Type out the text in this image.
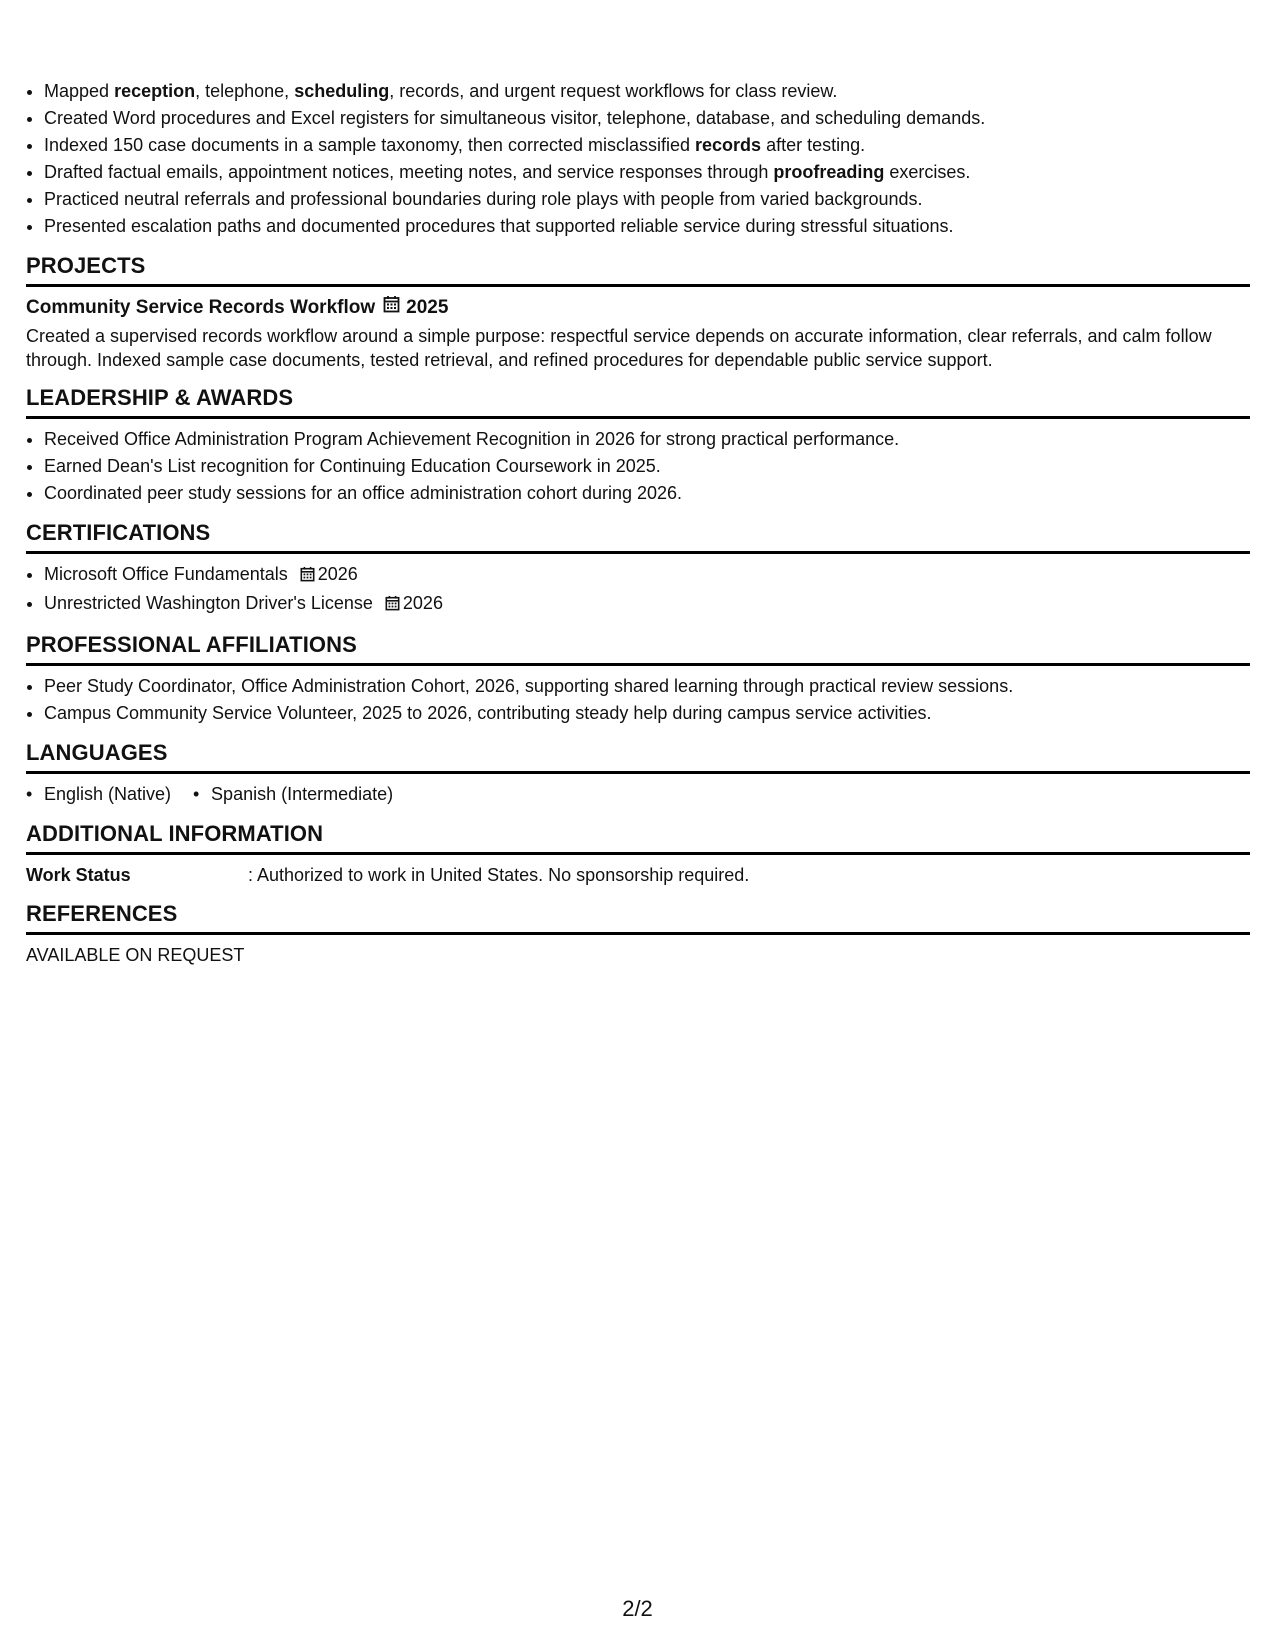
• Mapped reception, telephone, scheduling, records, and urgent request workflows for class review.
• Created Word procedures and Excel registers for simultaneous visitor, telephone, database, and scheduling demands.
• Indexed 150 case documents in a sample taxonomy, then corrected misclassified records after testing.
• Drafted factual emails, appointment notices, meeting notes, and service responses through proofreading exercises.
• Practiced neutral referrals and professional boundaries during role plays with people from varied backgrounds.
• Presented escalation paths and documented procedures that supported reliable service during stressful situations.
PROJECTS
Community Service Records Workflow 2025
Created a supervised records workflow around a simple purpose: respectful service depends on accurate information, clear referrals, and calm follow through. Indexed sample case documents, tested retrieval, and refined procedures for dependable public service support.
LEADERSHIP & AWARDS
• Received Office Administration Program Achievement Recognition in 2026 for strong practical performance.
• Earned Dean's List recognition for Continuing Education Coursework in 2025.
• Coordinated peer study sessions for an office administration cohort during 2026.
CERTIFICATIONS
• Microsoft Office Fundamentals 2026
• Unrestricted Washington Driver's License 2026
PROFESSIONAL AFFILIATIONS
• Peer Study Coordinator, Office Administration Cohort, 2026, supporting shared learning through practical review sessions.
• Campus Community Service Volunteer, 2025 to 2026, contributing steady help during campus service activities.
LANGUAGES
• English (Native)
•	Spanish (Intermediate)
ADDITIONAL INFORMATION
Work Status	: Authorized to work in United States. No sponsorship required.
REFERENCES
AVAILABLE ON REQUEST
2/2
